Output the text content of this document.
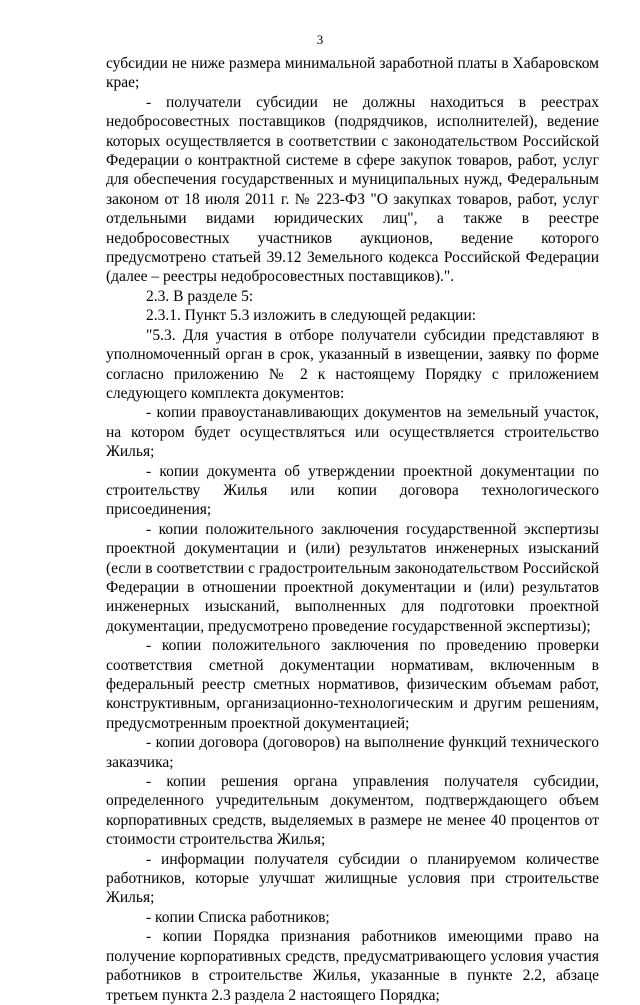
3

субсидии не ниже размера минимальной заработной платы в Хабаровском крае;

- получатели субсидии не должны находиться в реестрах недобросовестных поставщиков (подрядчиков, исполнителей), ведение которых осуществляется в соответствии с законодательством Российской Федерации о контрактной системе в сфере закупок товаров, работ, услуг для обеспечения государственных и муниципальных нужд, Федеральным законом от 18 июля 2011 г. № 223-ФЗ "О закупках товаров, работ, услуг отдельными видами юридических лиц", а также в реестре недобросовестных участников аукционов, ведение которого предусмотрено статьей 39.12 Земельного кодекса Российской Федерации (далее – реестры недобросовестных поставщиков).".

2.3. В разделе 5:

2.3.1. Пункт 5.3 изложить в следующей редакции:

"5.3. Для участия в отборе получатели субсидии представляют в уполномоченный орган в срок, указанный в извещении, заявку по форме согласно приложению № 2 к настоящему Порядку с приложением следующего комплекта документов:

- копии правоустанавливающих документов на земельный участок, на котором будет осуществляться или осуществляется строительство Жилья;

- копии документа об утверждении проектной документации по строительству Жилья или копии договора технологического присоединения;

- копии положительного заключения государственной экспертизы проектной документации и (или) результатов инженерных изысканий (если в соответствии с градостроительным законодательством Российской Федерации в отношении проектной документации и (или) результатов инженерных изысканий, выполненных для подготовки проектной документации, предусмотрено проведение государственной экспертизы);

- копии положительного заключения по проведению проверки соответствия сметной документации нормативам, включенным в федеральный реестр сметных нормативов, физическим объемам работ, конструктивным, организационно-технологическим и другим решениям, предусмотренным проектной документацией;

- копии договора (договоров) на выполнение функций технического заказчика;

- копии решения органа управления получателя субсидии, определенного учредительным документом, подтверждающего объем корпоративных средств, выделяемых в размере не менее 40 процентов от стоимости строительства Жилья;

- информации получателя субсидии о планируемом количестве работников, которые улучшат жилищные условия при строительстве Жилья;

- копии Списка работников;

- копии Порядка признания работников имеющими право на получение корпоративных средств, предусматривающего условия участия работников в строительстве Жилья, указанные в пункте 2.2, абзаце третьем пункта 2.3 раздела 2 настоящего Порядка;
